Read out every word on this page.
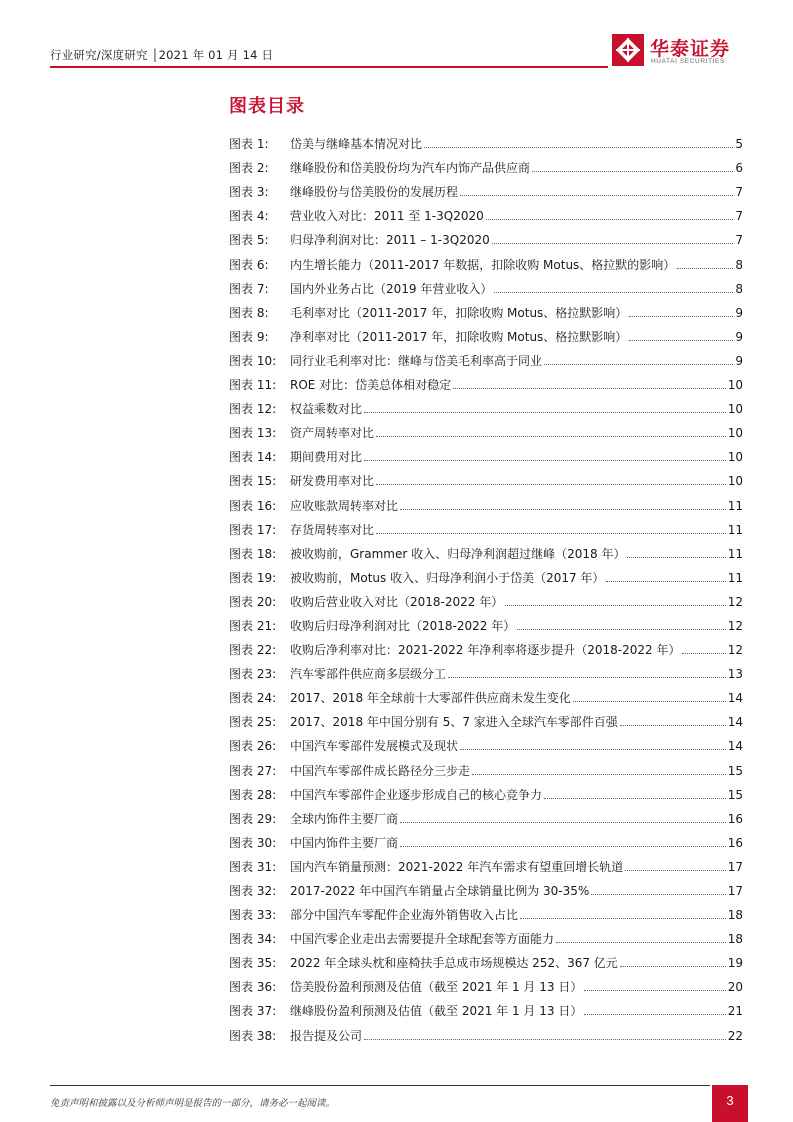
行业研究/深度研究 │2021 年 01 月 14 日	华泰证券
HUATAI SECURITIES
图表目录
图表 1:	岱美与继峰基本情况对比	5
图表 2:	继峰股份和岱美股份均为汽车内饰产品供应商	6
图表 3:	继峰股份与岱美股份的发展历程	7
图表 4:	营业收入对比：2011 至 1-3Q2020	7
图表 5:	归母净利润对比：2011 – 1-3Q2020	7
图表 6:	内生增长能力（2011-2017 年数据，扣除收购 Motus、格拉默的影响）	8
图表 7:	国内外业务占比（2019 年营业收入）	8
图表 8:	毛利率对比（2011-2017 年，扣除收购 Motus、格拉默影响）	9
图表 9:	净利率对比（2011-2017 年，扣除收购 Motus、格拉默影响）	9
图表 10:	同行业毛利率对比：继峰与岱美毛利率高于同业	9
图表 11:	ROE 对比：岱美总体相对稳定	10
图表 12:	权益乘数对比	10
图表 13:	资产周转率对比	10
图表 14:	期间费用对比	10
图表 15:	研发费用率对比	10
图表 16:	应收账款周转率对比	11
图表 17:	存货周转率对比	11
图表 18:	被收购前，Grammer 收入、归母净利润超过继峰（2018 年）	11
图表 19:	被收购前，Motus 收入、归母净利润小于岱美（2017 年）	11
图表 20:	收购后营业收入对比（2018-2022 年）	12
图表 21:	收购后归母净利润对比（2018-2022 年）	12
图表 22:	收购后净利率对比：2021-2022 年净利率将逐步提升（2018-2022 年）	12
图表 23:	汽车零部件供应商多层级分工	13
图表 24:	2017、2018 年全球前十大零部件供应商未发生变化	14
图表 25:	2017、2018 年中国分别有 5、7 家进入全球汽车零部件百强	14
图表 26:	中国汽车零部件发展模式及现状	14
图表 27:	中国汽车零部件成长路径分三步走	15
图表 28:	中国汽车零部件企业逐步形成自己的核心竞争力	15
图表 29:	全球内饰件主要厂商	16
图表 30:	中国内饰件主要厂商	16
图表 31:	国内汽车销量预测：2021-2022 年汽车需求有望重回增长轨道	17
图表 32:	2017-2022 年中国汽车销量占全球销量比例为 30-35%	17
图表 33:	部分中国汽车零配件企业海外销售收入占比	18
图表 34:	中国汽零企业走出去需要提升全球配套等方面能力	18
图表 35:	2022 年全球头枕和座椅扶手总成市场规模达 252、367 亿元	19
图表 36:	岱美股份盈利预测及估值（截至 2021 年 1 月 13 日）	20
图表 37:	继峰股份盈利预测及估值（截至 2021 年 1 月 13 日）	21
图表 38:	报告提及公司	22
免责声明和披露以及分析师声明是报告的一部分，请务必一起阅读。	3
